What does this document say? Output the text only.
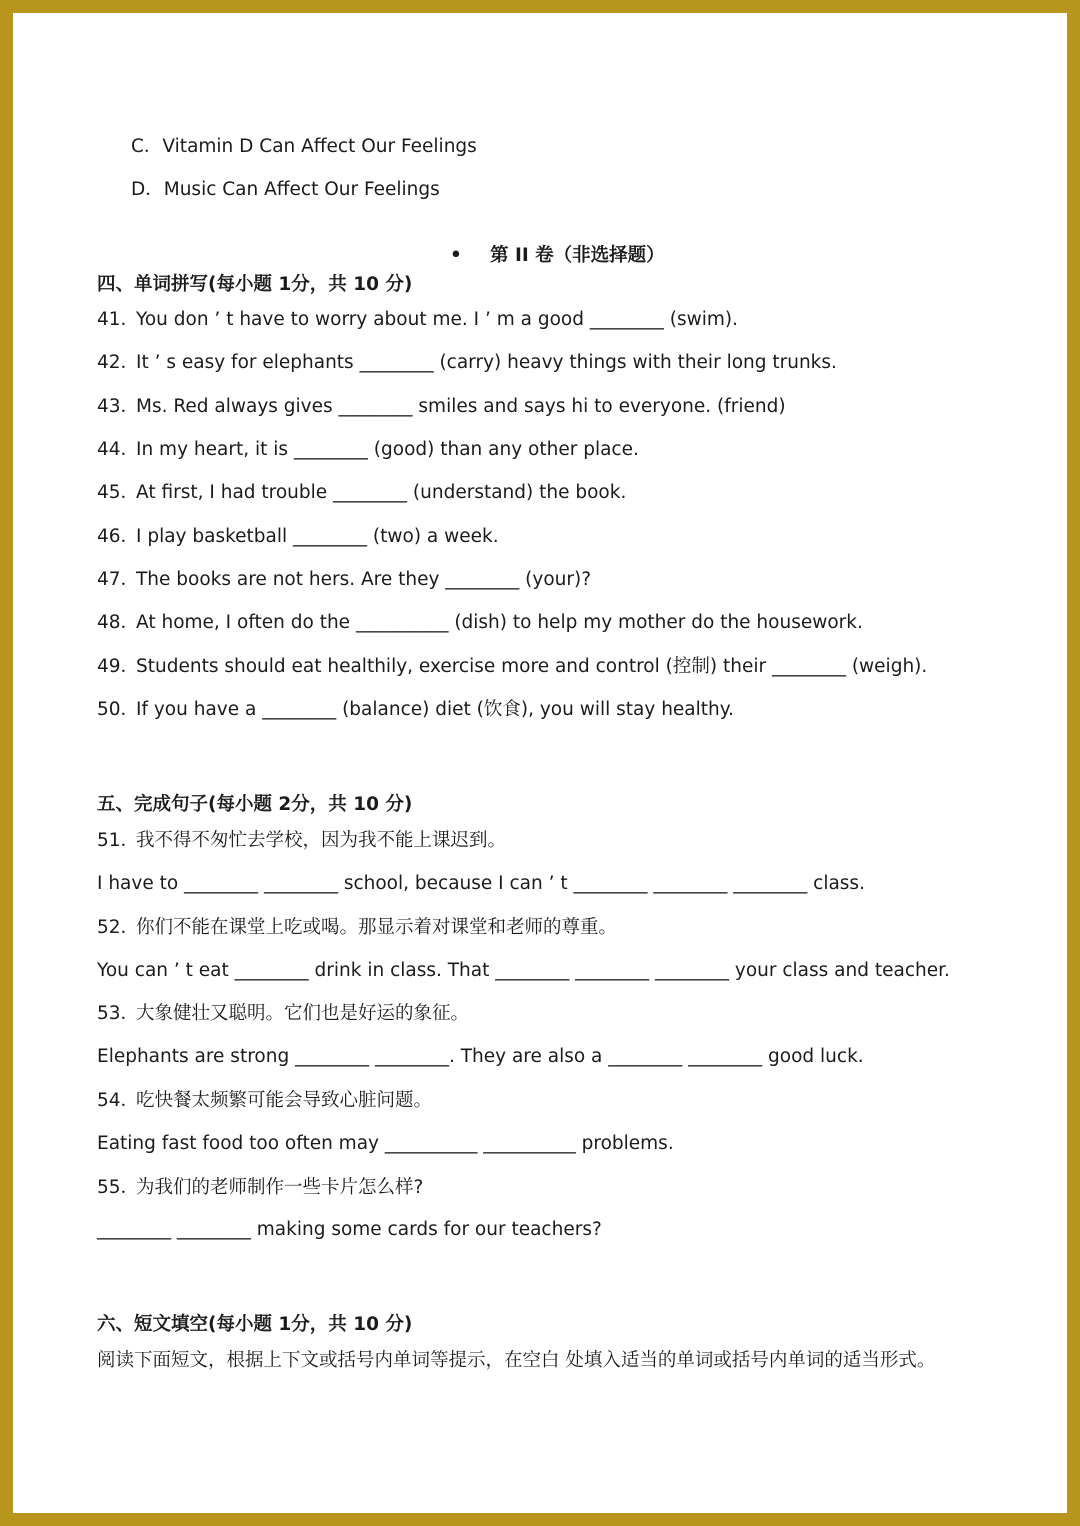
C．Vitamin D Can Affect Our Feelings
D．Music Can Affect Our Feelings
• 第 II 卷（非选择题）
四、单词拼写(每小题 1分，共 10 分)
41．You don ’ t have to worry about me. I ’ m a good ________ (swim).
42．It ’ s easy for elephants ________ (carry) heavy things with their long trunks.
43．Ms. Red always gives ________ smiles and says hi to everyone. (friend)
44．In my heart, it is ________ (good) than any other place.
45．At first, I had trouble ________ (understand) the book.
46．I play basketball ________ (two) a week.
47．The books are not hers. Are they ________ (your)?
48．At home, I often do the __________ (dish) to help my mother do the housework.
49．Students should eat healthily, exercise more and control (控制) their ________ (weigh).
50．If you have a ________ (balance) diet (饮食), you will stay healthy.
五、完成句子(每小题 2分，共 10 分)
51．我不得不匆忙去学校，因为我不能上课迟到。
I have to ________ ________ school, because I can ’ t ________ ________ ________ class.
52．你们不能在课堂上吃或喝。那显示着对课堂和老师的尊重。
You can ’ t eat ________ drink in class. That ________ ________ ________ your class and teacher.
53．大象健壮又聪明。它们也是好运的象征。
Elephants are strong ________ ________. They are also a ________ ________ good luck.
54．吃快餐太频繁可能会导致心脏问题。
Eating fast food too often may __________ __________ problems.
55．为我们的老师制作一些卡片怎么样?
________ ________ making some cards for our teachers?
六、短文填空(每小题 1分，共 10 分)
阅读下面短文，根据上下文或括号内单词等提示，在空白 处填入适当的单词或括号内单词的适当形式。
